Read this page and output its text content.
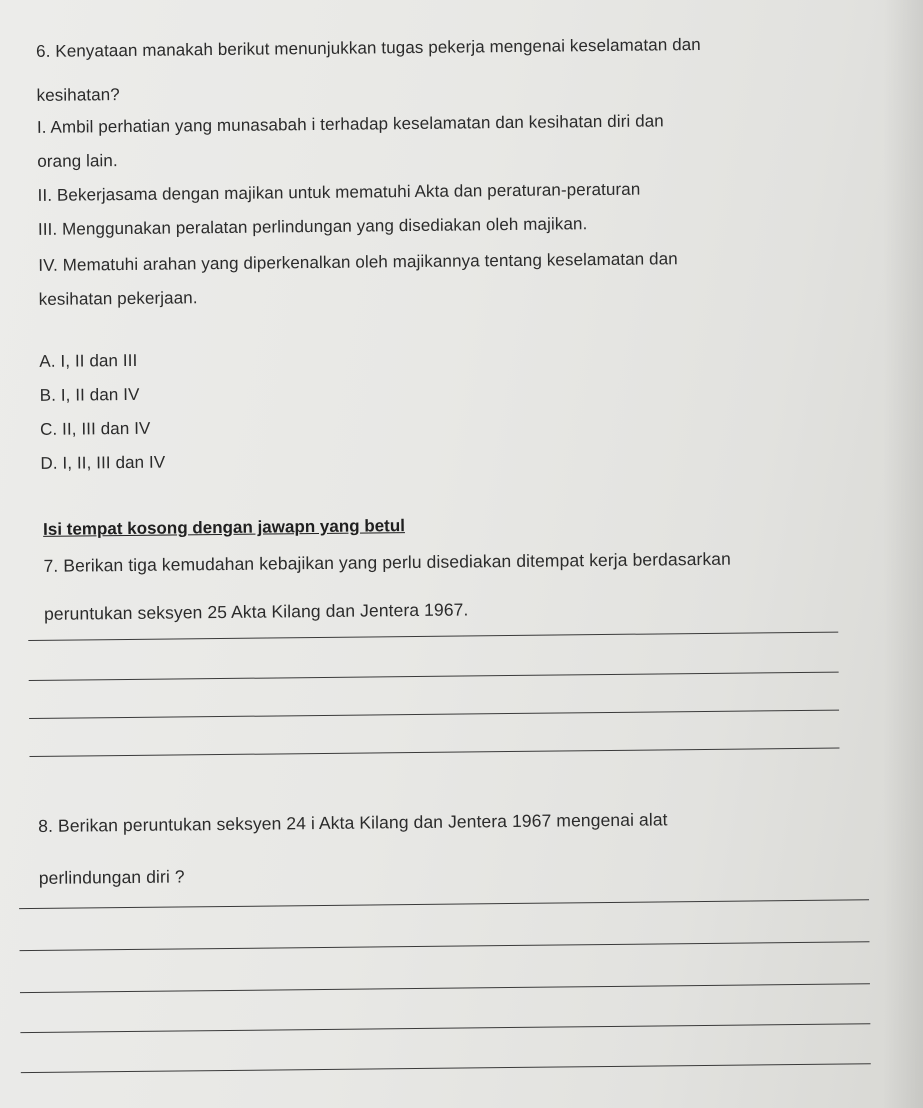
6. Kenyataan manakah berikut menunjukkan tugas pekerja mengenai keselamatan dan
kesihatan?
I. Ambil perhatian yang munasabah i terhadap keselamatan dan kesihatan diri dan
orang lain.
II. Bekerjasama dengan majikan untuk mematuhi Akta dan peraturan-peraturan
III. Menggunakan peralatan perlindungan yang disediakan oleh majikan.
IV. Mematuhi arahan yang diperkenalkan oleh majikannya tentang keselamatan dan
kesihatan pekerjaan.
A. I, II dan III
B. I, II dan IV
C. II, III dan IV
D. I, II, III dan IV
Isi tempat kosong dengan jawapn yang betul
7. Berikan tiga kemudahan kebajikan yang perlu disediakan ditempat kerja berdasarkan
peruntukan seksyen 25 Akta Kilang dan Jentera 1967.
8. Berikan peruntukan seksyen 24 i Akta Kilang dan Jentera 1967 mengenai alat
perlindungan diri ?
